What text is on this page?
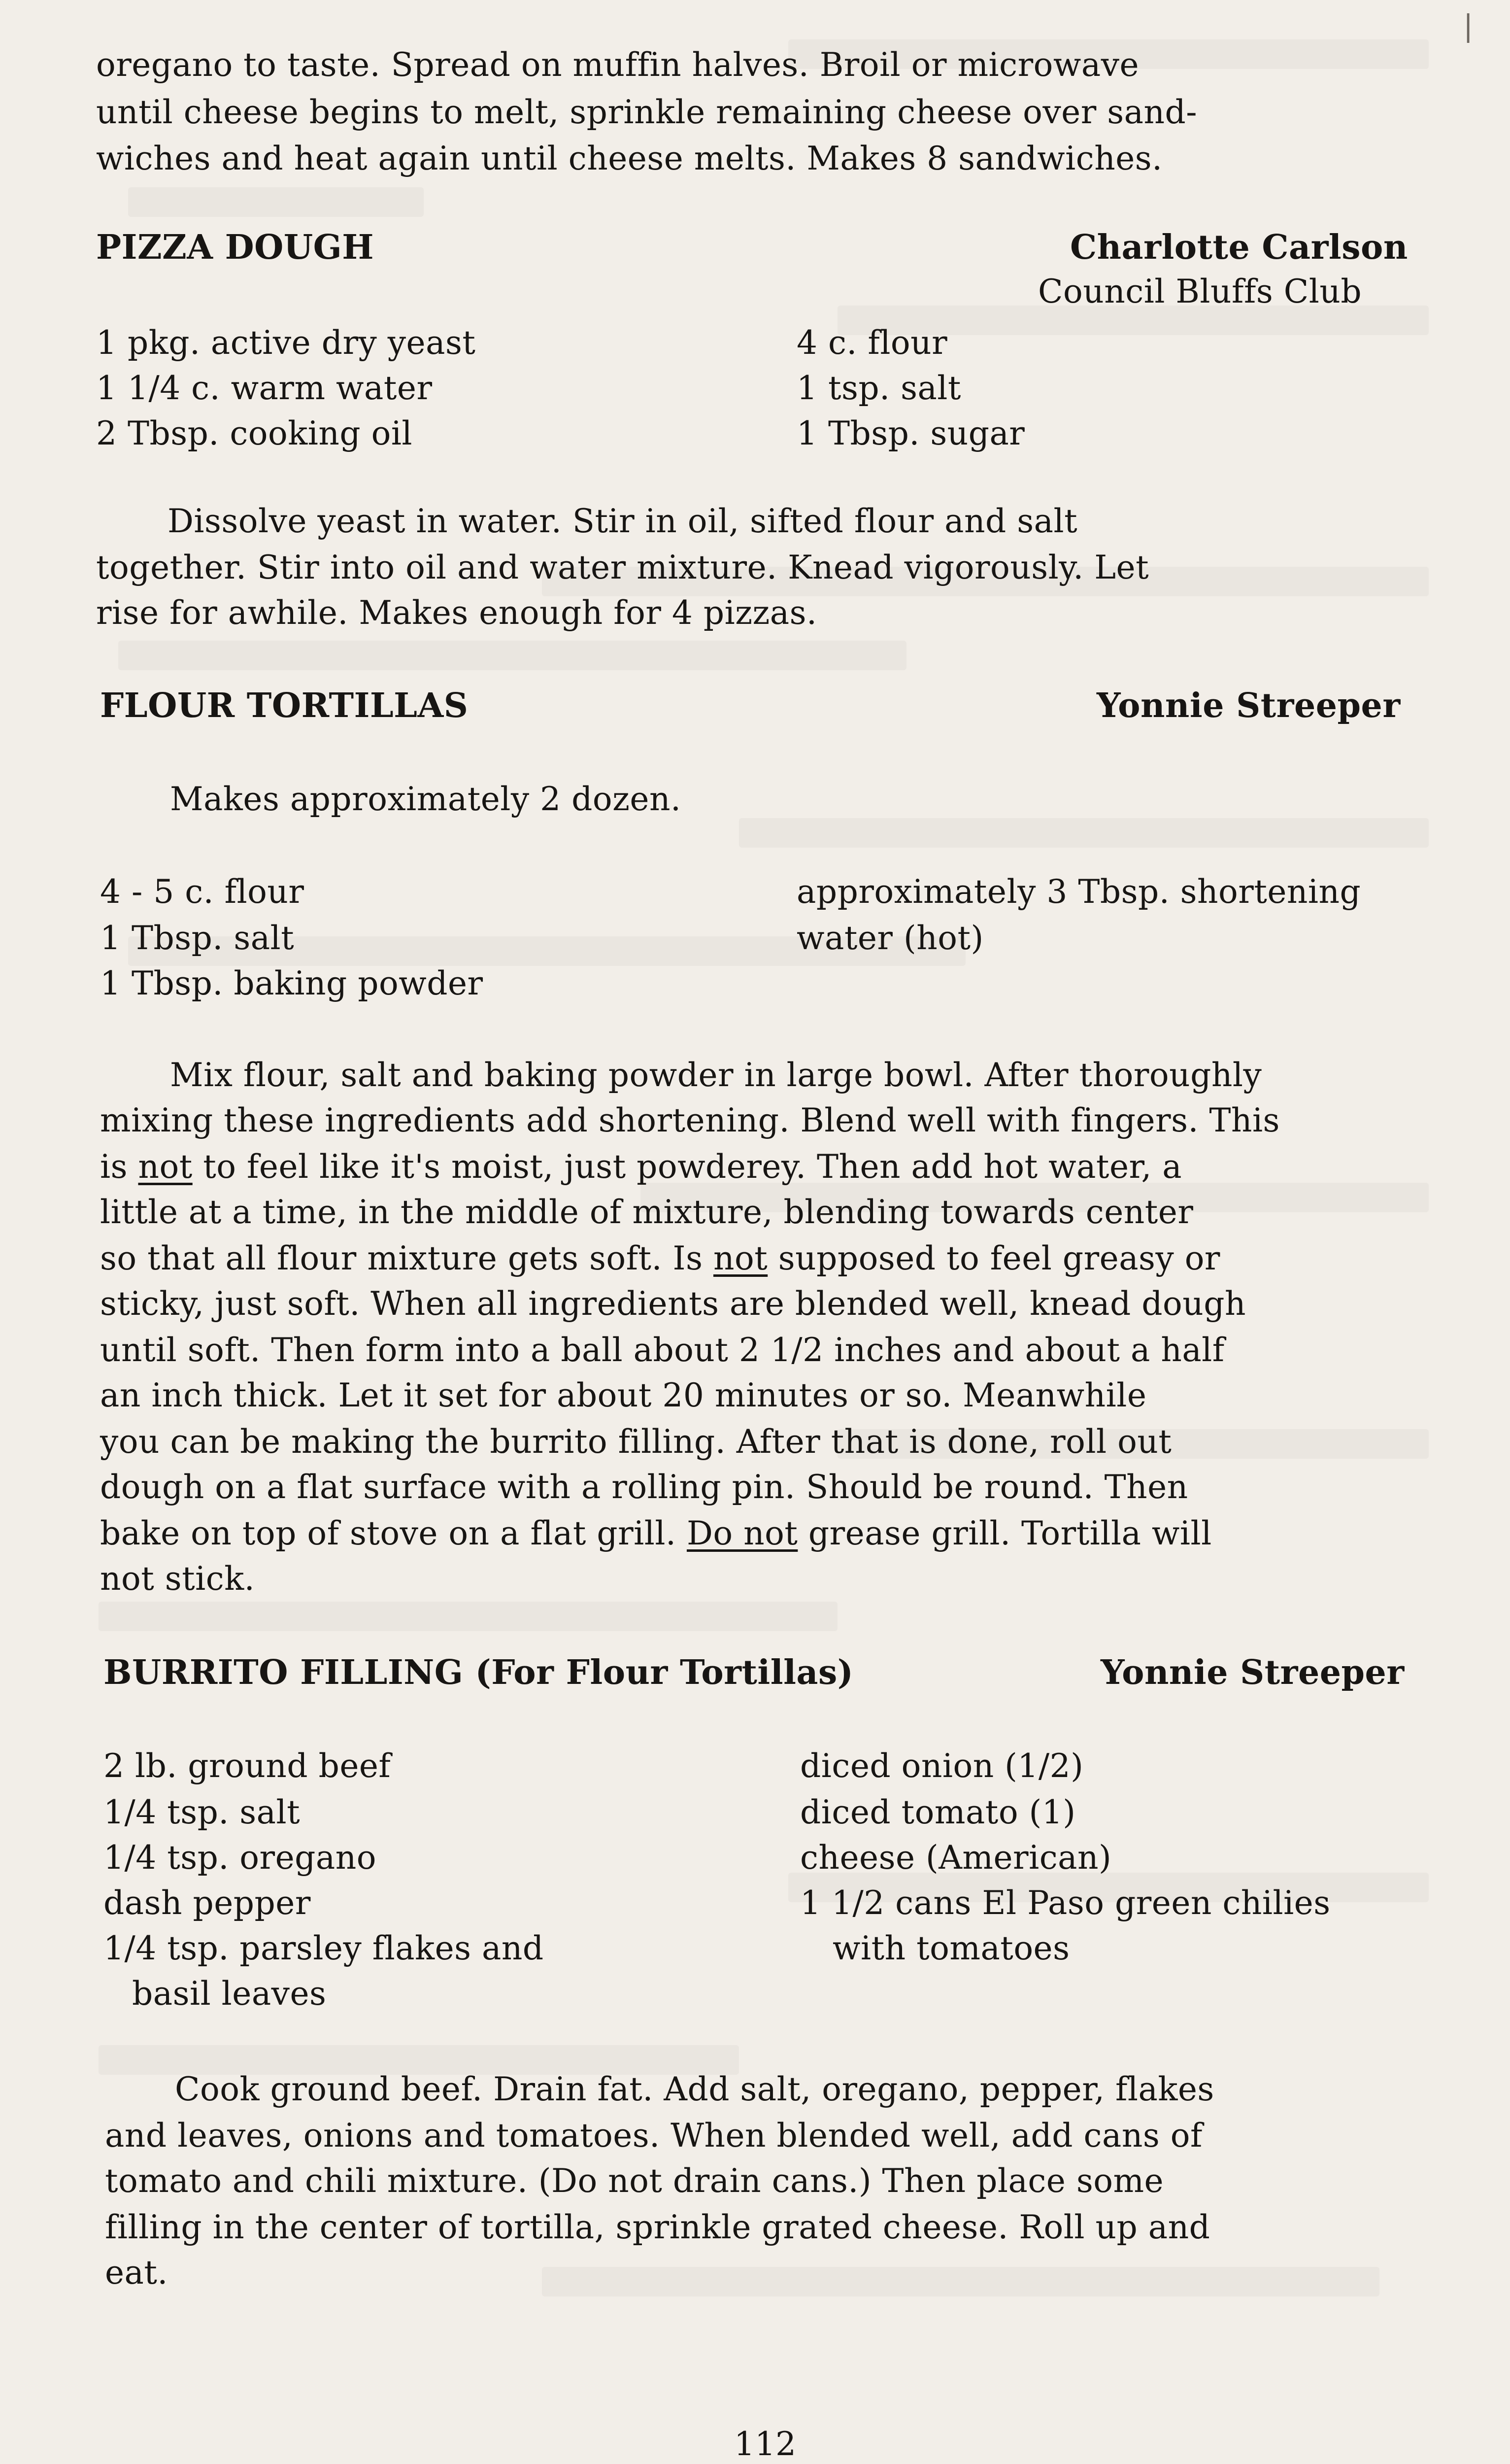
|
oregano to taste. Spread on muffin halves. Broil or microwave
until cheese begins to melt, sprinkle remaining cheese over sand-
wiches and heat again until cheese melts. Makes 8 sandwiches.
PIZZA DOUGH	Charlotte Carlson
Council Bluffs Club
1 pkg. active dry yeast
1 1/4 c. warm water
2 Tbsp. cooking oil
4 c. flour
1 tsp. salt
1 Tbsp. sugar
Dissolve yeast in water. Stir in oil, sifted flour and salt
together. Stir into oil and water mixture. Knead vigorously. Let
rise for awhile. Makes enough for 4 pizzas.
FLOUR TORTILLAS	Yonnie Streeper
Makes approximately 2 dozen.
4 - 5 c. flour
1 Tbsp. salt
1 Tbsp. baking powder
approximately 3 Tbsp. shortening
water (hot)
Mix flour, salt and baking powder in large bowl. After thoroughly
mixing these ingredients add shortening. Blend well with fingers. This
is not to feel like it's moist, just powderey. Then add hot water, a
little at a time, in the middle of mixture, blending towards center
so that all flour mixture gets soft. Is not supposed to feel greasy or
sticky, just soft. When all ingredients are blended well, knead dough
until soft. Then form into a ball about 2 1/2 inches and about a half
an inch thick. Let it set for about 20 minutes or so. Meanwhile
you can be making the burrito filling. After that is done, roll out
dough on a flat surface with a rolling pin. Should be round. Then
bake on top of stove on a flat grill. Do not grease grill. Tortilla will
not stick.
BURRITO FILLING (For Flour Tortillas)	Yonnie Streeper
2 lb. ground beef
1/4 tsp. salt
1/4 tsp. oregano
dash pepper
1/4 tsp. parsley flakes and
basil leaves
diced onion (1/2)
diced tomato (1)
cheese (American)
1 1/2 cans El Paso green chilies
with tomatoes
Cook ground beef. Drain fat. Add salt, oregano, pepper, flakes
and leaves, onions and tomatoes. When blended well, add cans of
tomato and chili mixture. (Do not drain cans.) Then place some
filling in the center of tortilla, sprinkle grated cheese. Roll up and
eat.
112
